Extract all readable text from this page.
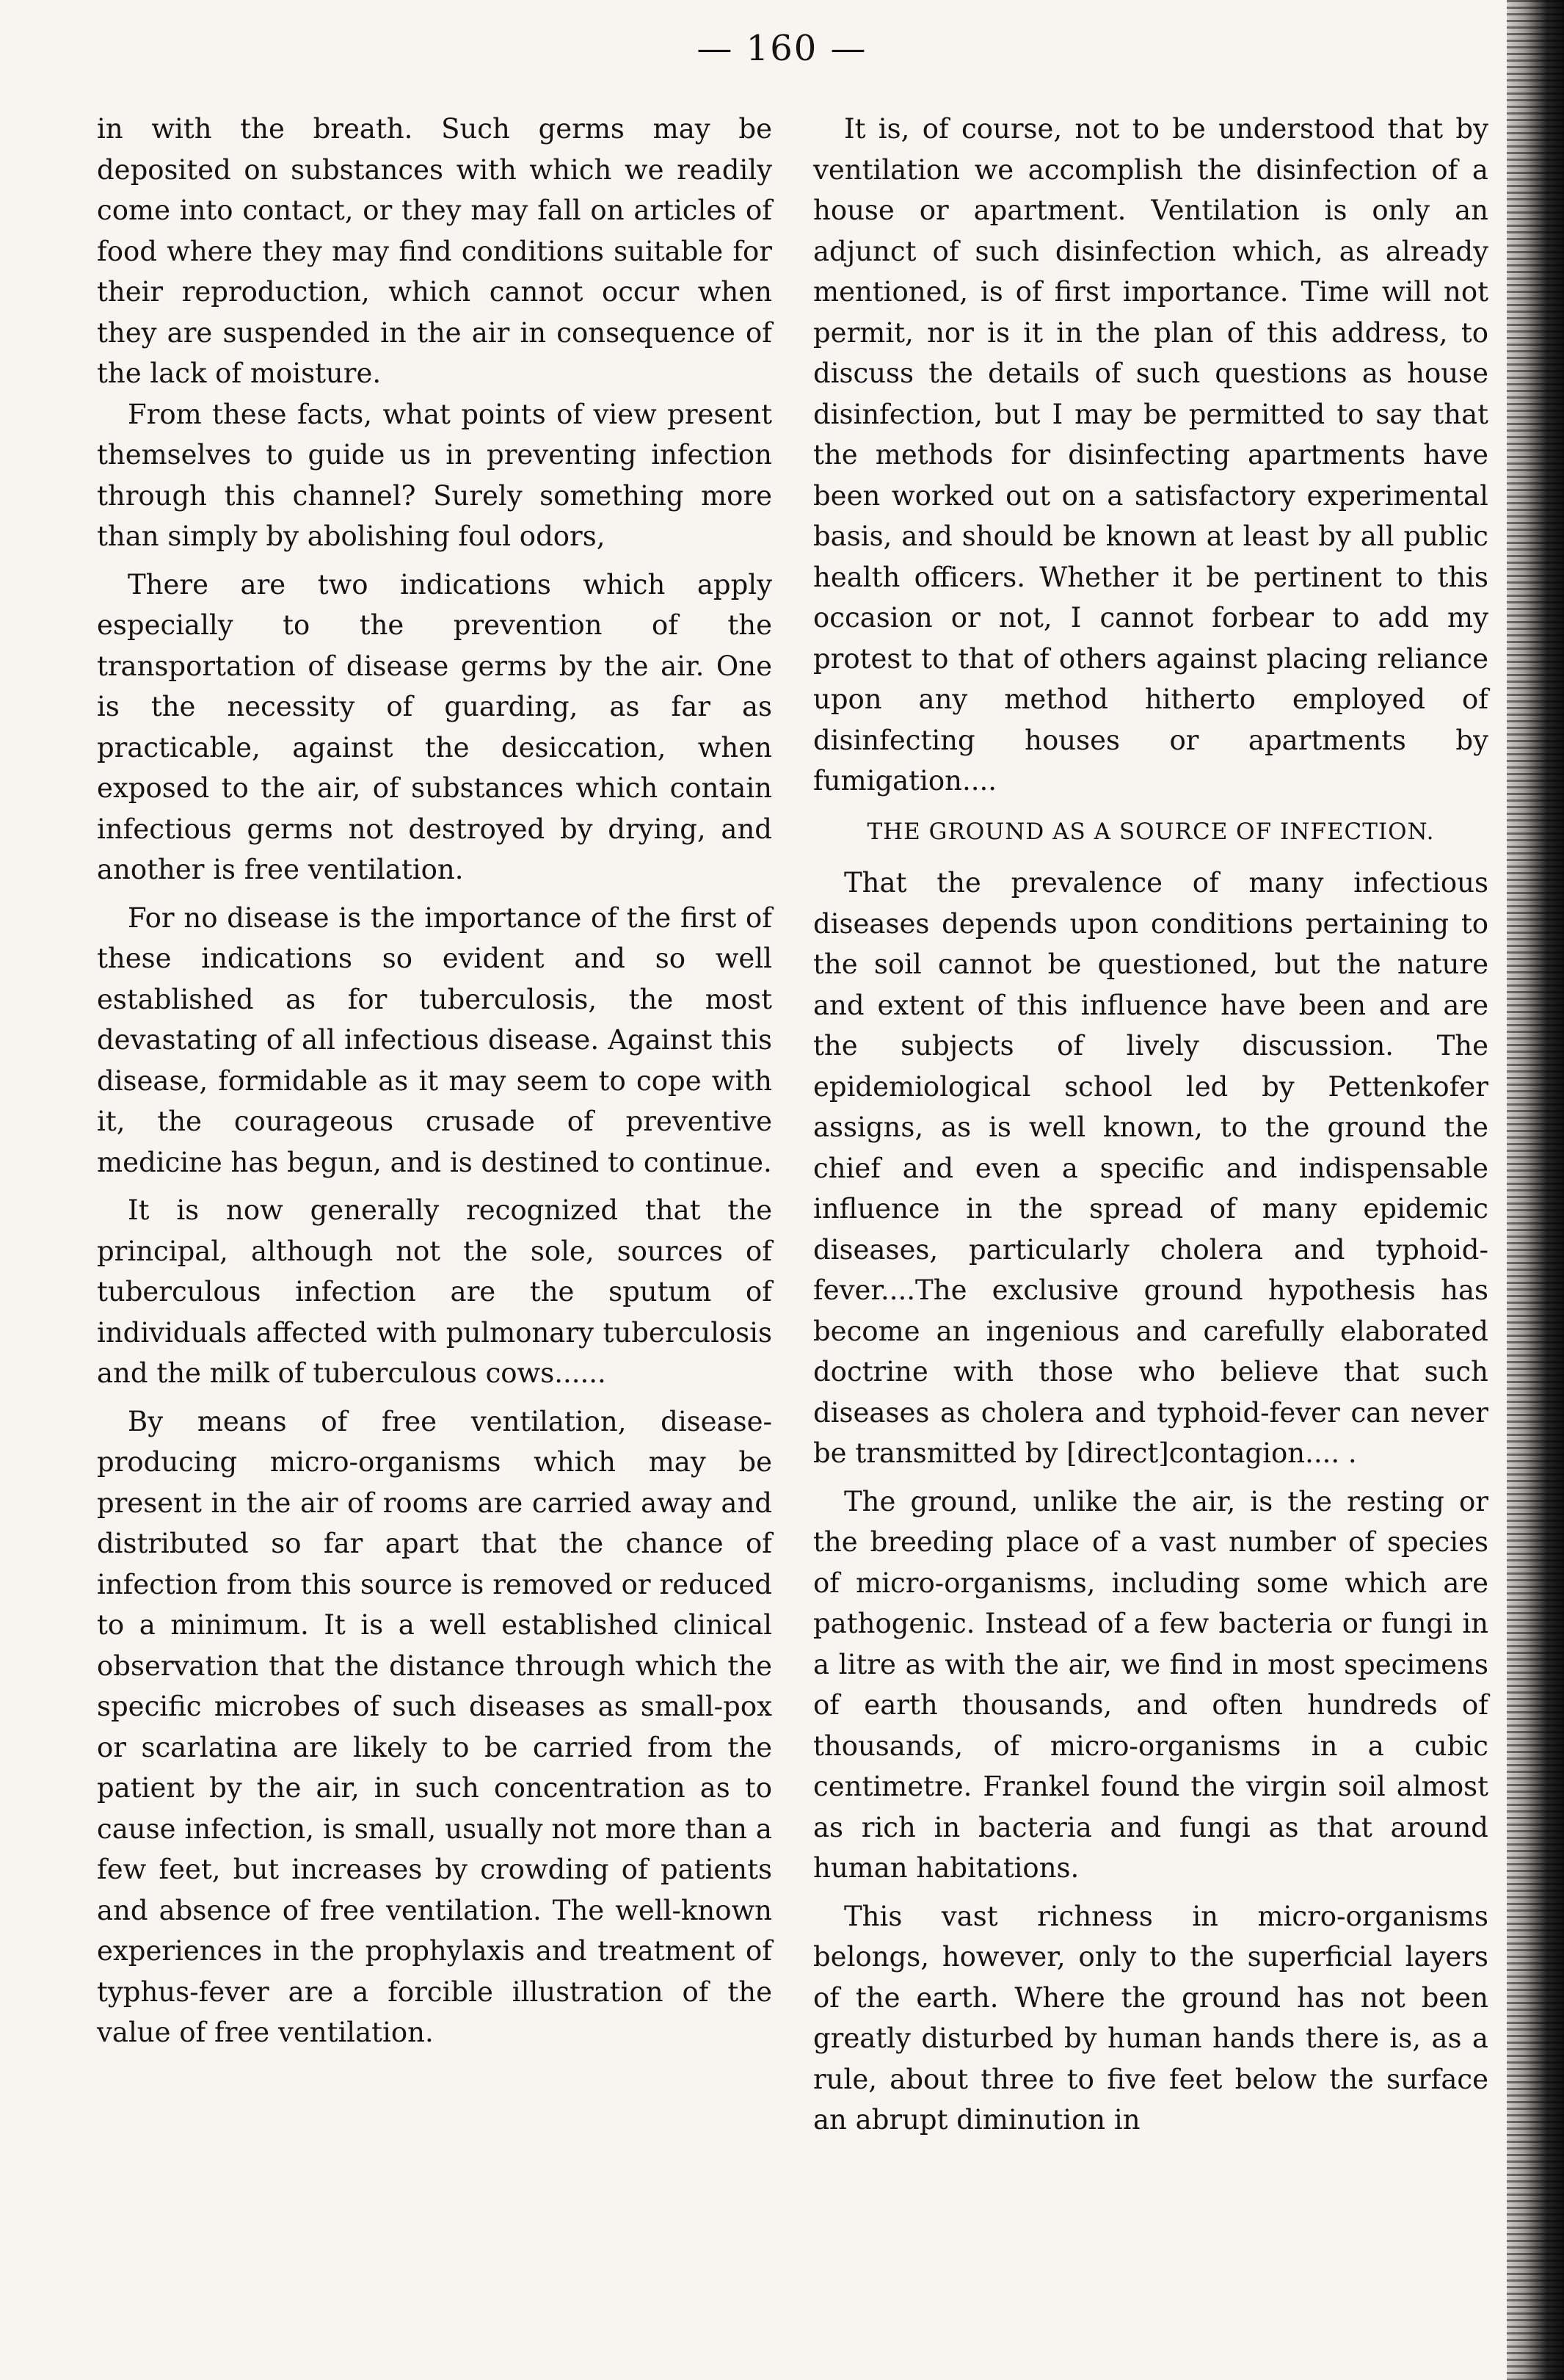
— 160 —

in with the breath. Such germs may be deposited on substances with which we readily come into contact, or they may fall on articles of food where they may find conditions suitable for their reproduction, which cannot occur when they are suspended in the air in consequence of the lack of moisture.

From these facts, what points of view present themselves to guide us in preventing infection through this channel? Surely something more than simply by abolishing foul odors,

There are two indications which apply especially to the prevention of the transportation of disease germs by the air. One is the necessity of guarding, as far as practicable, against the desiccation, when exposed to the air, of substances which contain infectious germs not destroyed by drying, and another is free ventilation.

For no disease is the importance of the first of these indications so evident and so well established as for tuberculosis, the most devastating of all infectious disease. Against this disease, formidable as it may seem to cope with it, the courageous crusade of preventive medicine has begun, and is destined to continue.

It is now generally recognized that the principal, although not the sole, sources of tuberculous infection are the sputum of individuals affected with pulmonary tuberculosis and the milk of tuberculous cows......

By means of free ventilation, disease-producing micro-organisms which may be present in the air of rooms are carried away and distributed so far apart that the chance of infection from this source is removed or reduced to a minimum. It is a well established clinical observation that the distance through which the specific microbes of such diseases as small-pox or scarlatina are likely to be carried from the patient by the air, in such concentration as to cause infection, is small, usually not more than a few feet, but increases by crowding of patients and absence of free ventilation. The well-known experiences in the prophylaxis and treatment of typhus-fever are a forcible illustration of the value of free ventilation.

It is, of course, not to be understood that by ventilation we accomplish the disinfection of a house or apartment. Ventilation is only an adjunct of such disinfection which, as already mentioned, is of first importance. Time will not permit, nor is it in the plan of this address, to discuss the details of such questions as house disinfection, but I may be permitted to say that the methods for disinfecting apartments have been worked out on a satisfactory experimental basis, and should be known at least by all public health officers. Whether it be pertinent to this occasion or not, I cannot forbear to add my protest to that of others against placing reliance upon any method hitherto employed of disinfecting houses or apartments by fumigation....

THE GROUND AS A SOURCE OF INFECTION.

That the prevalence of many infectious diseases depends upon conditions pertaining to the soil cannot be questioned, but the nature and extent of this influence have been and are the subjects of lively discussion. The epidemiological school led by Pettenkofer assigns, as is well known, to the ground the chief and even a specific and indispensable influence in the spread of many epidemic diseases, particularly cholera and typhoid-fever....The exclusive ground hypothesis has become an ingenious and carefully elaborated doctrine with those who believe that such diseases as cholera and typhoid-fever can never be transmitted by [direct]contagion.... .

The ground, unlike the air, is the resting or the breeding place of a vast number of species of micro-organisms, including some which are pathogenic. Instead of a few bacteria or fungi in a litre as with the air, we find in most specimens of earth thousands, and often hundreds of thousands, of micro-organisms in a cubic centimetre. Frankel found the virgin soil almost as rich in bacteria and fungi as that around human habitations.

This vast richness in micro-organisms belongs, however, only to the superficial layers of the earth. Where the ground has not been greatly disturbed by human hands there is, as a rule, about three to five feet below the surface an abrupt diminution in
